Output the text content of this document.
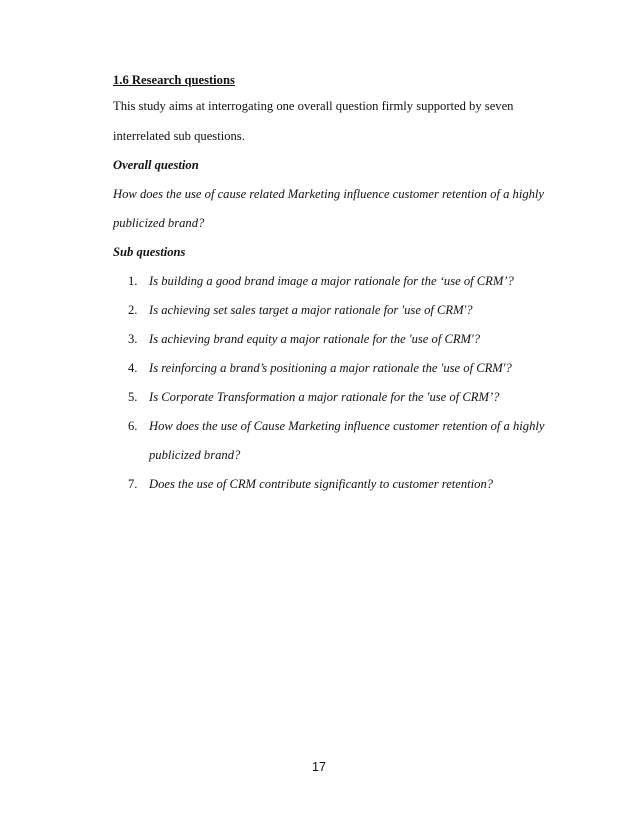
1.6 Research questions
This study aims at interrogating one overall question firmly supported by seven
interrelated sub questions.
Overall question
How does the use of cause related Marketing influence customer retention of a highly
publicized brand?
Sub questions
1. Is building a good brand image a major rationale for the ‘use of CRM’?
2. Is achieving set sales target a major rationale for 'use of CRM'?
3. Is achieving brand equity a major rationale for the 'use of CRM'?
4. Is reinforcing a brand’s positioning a major rationale the 'use of CRM'?
5. Is Corporate Transformation a major rationale for the 'use of CRM’?
6. How does the use of Cause Marketing influence customer retention of a highly
publicized brand?
7. Does the use of CRM contribute significantly to customer retention?
17
